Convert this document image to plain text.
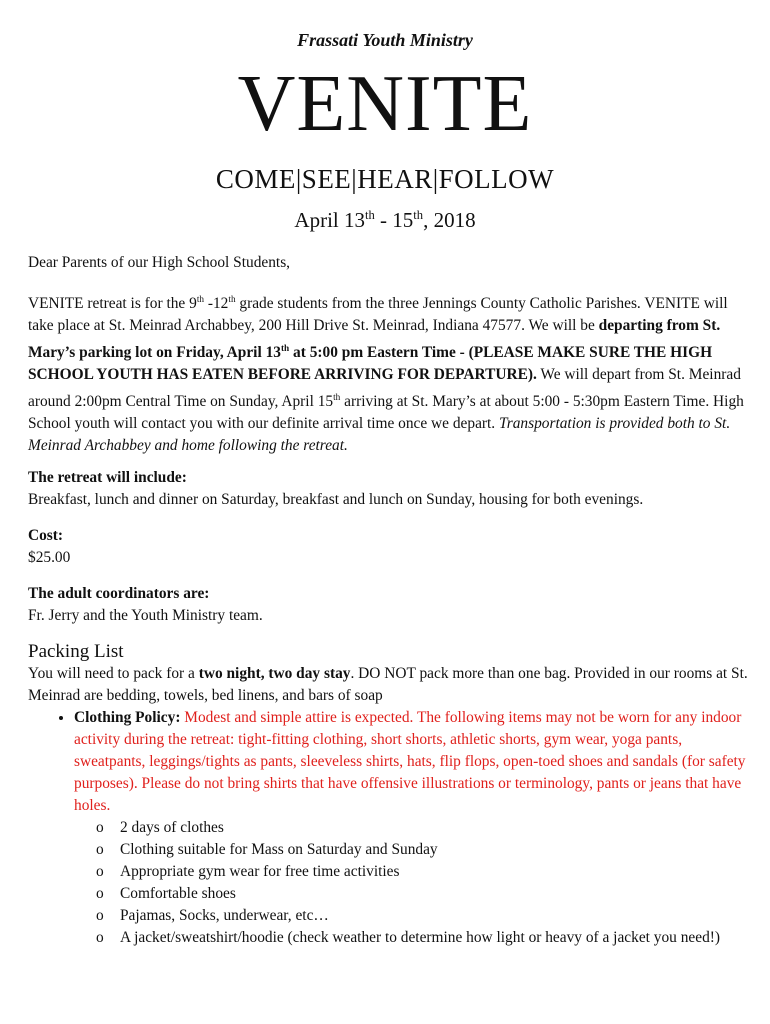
Frassati Youth Ministry
VENITE
COME|SEE|HEAR|FOLLOW
April 13th - 15th, 2018

Dear Parents of our High School Students,

VENITE retreat is for the 9th -12th grade students from the three Jennings County Catholic Parishes. VENITE will take place at St. Meinrad Archabbey, 200 Hill Drive St. Meinrad, Indiana 47577. We will be departing from St. Mary’s parking lot on Friday, April 13th at 5:00 pm Eastern Time - (PLEASE MAKE SURE THE HIGH SCHOOL YOUTH HAS EATEN BEFORE ARRIVING FOR DEPARTURE). We will depart from St. Meinrad around 2:00pm Central Time on Sunday, April 15th arriving at St. Mary’s at about 5:00 - 5:30pm Eastern Time. High School youth will contact you with our definite arrival time once we depart. Transportation is provided both to St. Meinrad Archabbey and home following the retreat.

The retreat will include:
Breakfast, lunch and dinner on Saturday, breakfast and lunch on Sunday, housing for both evenings.
Cost:
$25.00
The adult coordinators are:
Fr. Jerry and the Youth Ministry team.
Packing List

You will need to pack for a two night, two day stay. DO NOT pack more than one bag. Provided in our rooms at St. Meinrad are bedding, towels, bed linens, and bars of soap

• Clothing Policy: Modest and simple attire is expected. The following items may not be worn for any indoor activity during the retreat: tight-fitting clothing, short shorts, athletic shorts, gym wear, yoga pants, sweatpants, leggings/tights as pants, sleeveless shirts, hats, flip flops, open-toed shoes and sandals (for safety purposes). Please do not bring shirts that have offensive illustrations or terminology, pants or jeans that have holes.
o 2 days of clothes
o Clothing suitable for Mass on Saturday and Sunday
o Appropriate gym wear for free time activities
o Comfortable shoes
o Pajamas, Socks, underwear, etc…
o A jacket/sweatshirt/hoodie (check weather to determine how light or heavy of a jacket you need!)
